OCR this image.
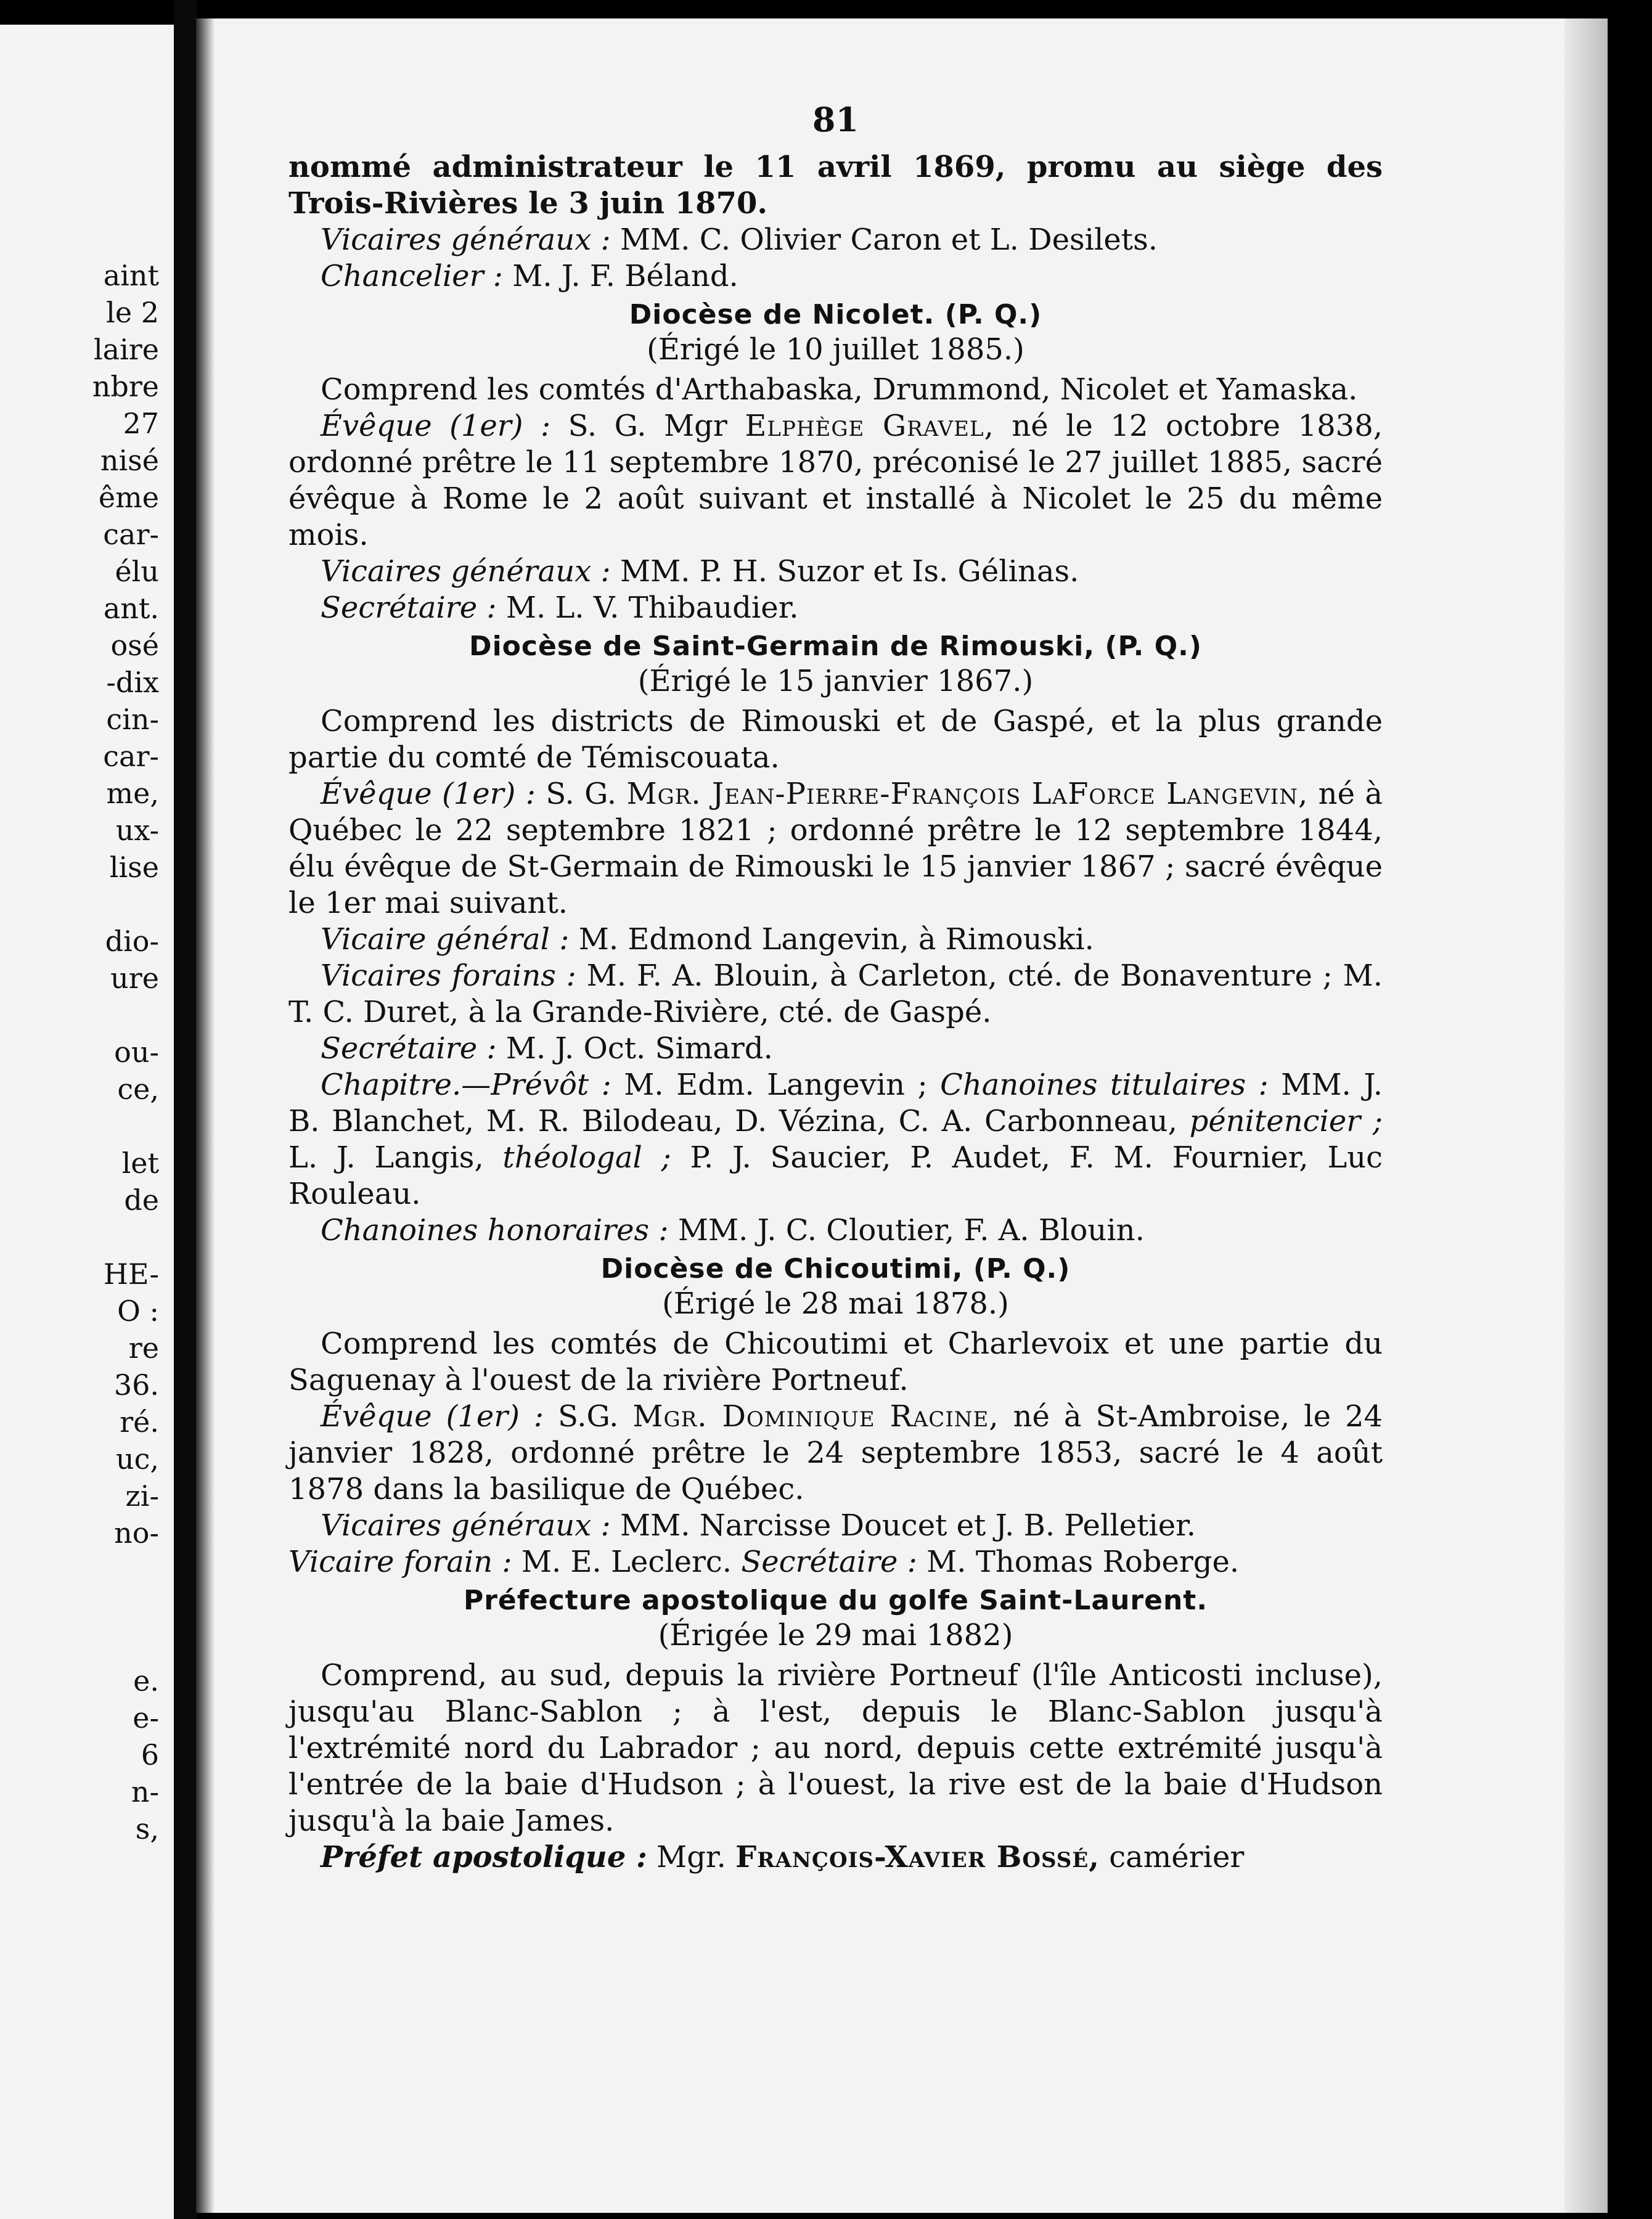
aint
le 2
laire
nbre
27
nisé
ême
car-
élu
ant.
osé
-dix
cin-
car-
me,
ux-
lise
dio-
ure
ou-
ce,
let
de
HE-
O :
re
36.
ré.
uc,
zi-
no-
e.
e-
6
n-
s,
81

nommé administrateur le 11 avril 1869, promu au siège des Trois-Rivières le 3 juin 1870.

Vicaires généraux : MM. C. Olivier Caron et L. Desilets.

Chancelier : M. J. F. Béland.

Diocèse de Nicolet. (P. Q.)
(Érigé le 10 juillet 1885.)

Comprend les comtés d'Arthabaska, Drummond, Nicolet et Yamaska.

Évêque (1er) : S. G. Mgr Elphège Gravel, né le 12 octobre 1838, ordonné prêtre le 11 septembre 1870, préconisé le 27 juillet 1885, sacré évêque à Rome le 2 août suivant et installé à Nicolet le 25 du même mois.

Vicaires généraux : MM. P. H. Suzor et Is. Gélinas.

Secrétaire : M. L. V. Thibaudier.

Diocèse de Saint-Germain de Rimouski, (P. Q.)
(Érigé le 15 janvier 1867.)

Comprend les districts de Rimouski et de Gaspé, et la plus grande partie du comté de Témiscouata.

Évêque (1er) : S. G. Mgr. Jean-Pierre-François LaForce Langevin, né à Québec le 22 septembre 1821 ; ordonné prêtre le 12 septembre 1844, élu évêque de St-Germain de Rimouski le 15 janvier 1867 ; sacré évêque le 1er mai suivant.

Vicaire général : M. Edmond Langevin, à Rimouski.

Vicaires forains : M. F. A. Blouin, à Carleton, cté. de Bonaventure ; M. T. C. Duret, à la Grande-Rivière, cté. de Gaspé.

Secrétaire : M. J. Oct. Simard.

Chapitre.—Prévôt : M. Edm. Langevin ; Chanoines titulaires : MM. J. B. Blanchet, M. R. Bilodeau, D. Vézina, C. A. Carbonneau, pénitencier ; L. J. Langis, théologal ; P. J. Saucier, P. Audet, F. M. Fournier, Luc Rouleau.

Chanoines honoraires : MM. J. C. Cloutier, F. A. Blouin.

Diocèse de Chicoutimi, (P. Q.)
(Érigé le 28 mai 1878.)

Comprend les comtés de Chicoutimi et Charlevoix et une partie du Saguenay à l'ouest de la rivière Portneuf.

Évêque (1er) : S.G. Mgr. Dominique Racine, né à St-Ambroise, le 24 janvier 1828, ordonné prêtre le 24 septembre 1853, sacré le 4 août 1878 dans la basilique de Québec.

Vicaires généraux : MM. Narcisse Doucet et J. B. Pelletier.

Vicaire forain : M. E. Leclerc. Secrétaire : M. Thomas Roberge.

Préfecture apostolique du golfe Saint-Laurent.
(Érigée le 29 mai 1882)

Comprend, au sud, depuis la rivière Portneuf (l'île Anticosti incluse), jusqu'au Blanc-Sablon ; à l'est, depuis le Blanc-Sablon jusqu'à l'extrémité nord du Labrador ; au nord, depuis cette extrémité jusqu'à l'entrée de la baie d'Hudson ; à l'ouest, la rive est de la baie d'Hudson jusqu'à la baie James.

Préfet apostolique : Mgr. François-Xavier Bossé, camérier
